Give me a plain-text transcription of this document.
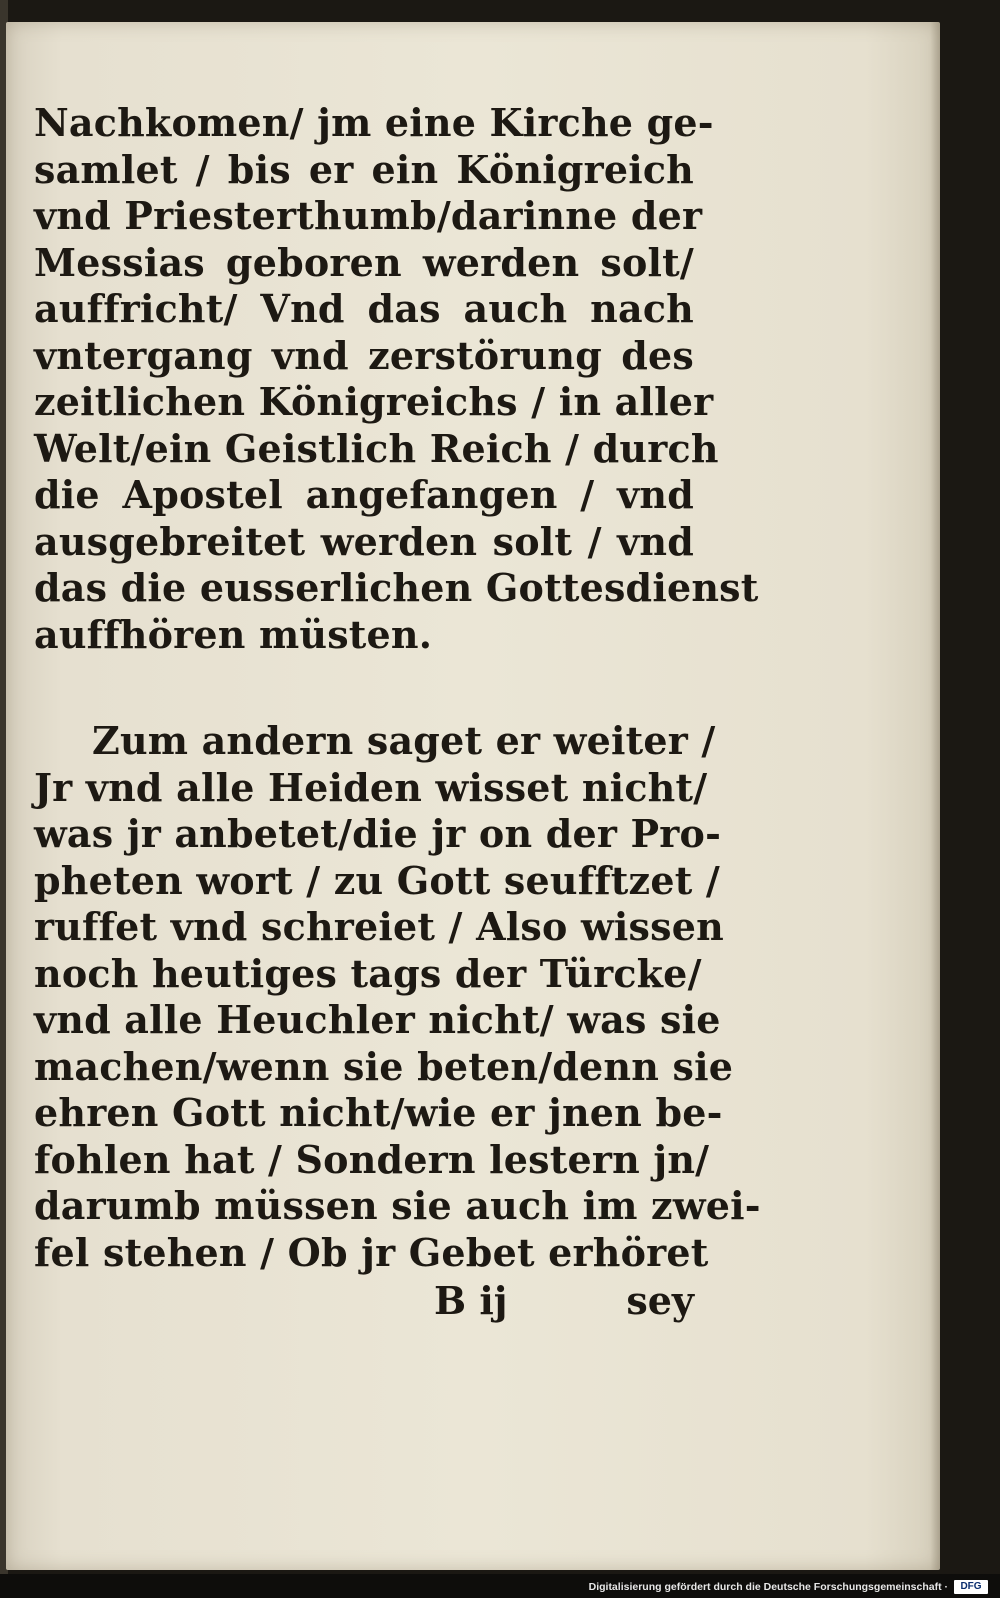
Nachkomen/ jm eine Kirche ge-
samlet / bis er ein Königreich
vnd Priesterthumb/darinne der
Messias geboren werden solt/
auffricht/ Vnd das auch nach
vntergang vnd zerstörung des
zeitlichen Königreichs / in aller
Welt/ein Geistlich Reich / durch
die Apostel angefangen / vnd
ausgebreitet werden solt / vnd
das die eusserlichen Gottesdienst
auffhören müsten.
Zum andern saget er weiter /
Jr vnd alle Heiden wisset nicht/
was jr anbetet/die jr on der Pro-
pheten wort / zu Gott seufftzet /
ruffet vnd schreiet / Also wissen
noch heutiges tags der Türcke/
vnd alle Heuchler nicht/ was sie
machen/wenn sie beten/denn sie
ehren Gott nicht/wie er jnen be-
fohlen hat / Sondern lestern jn/
darumb müssen sie auch im zwei-
fel stehen / Ob jr Gebet erhöret
B ij	sey
Digitalisierung gefördert durch die Deutsche Forschungsgemeinschaft ·	DFG
